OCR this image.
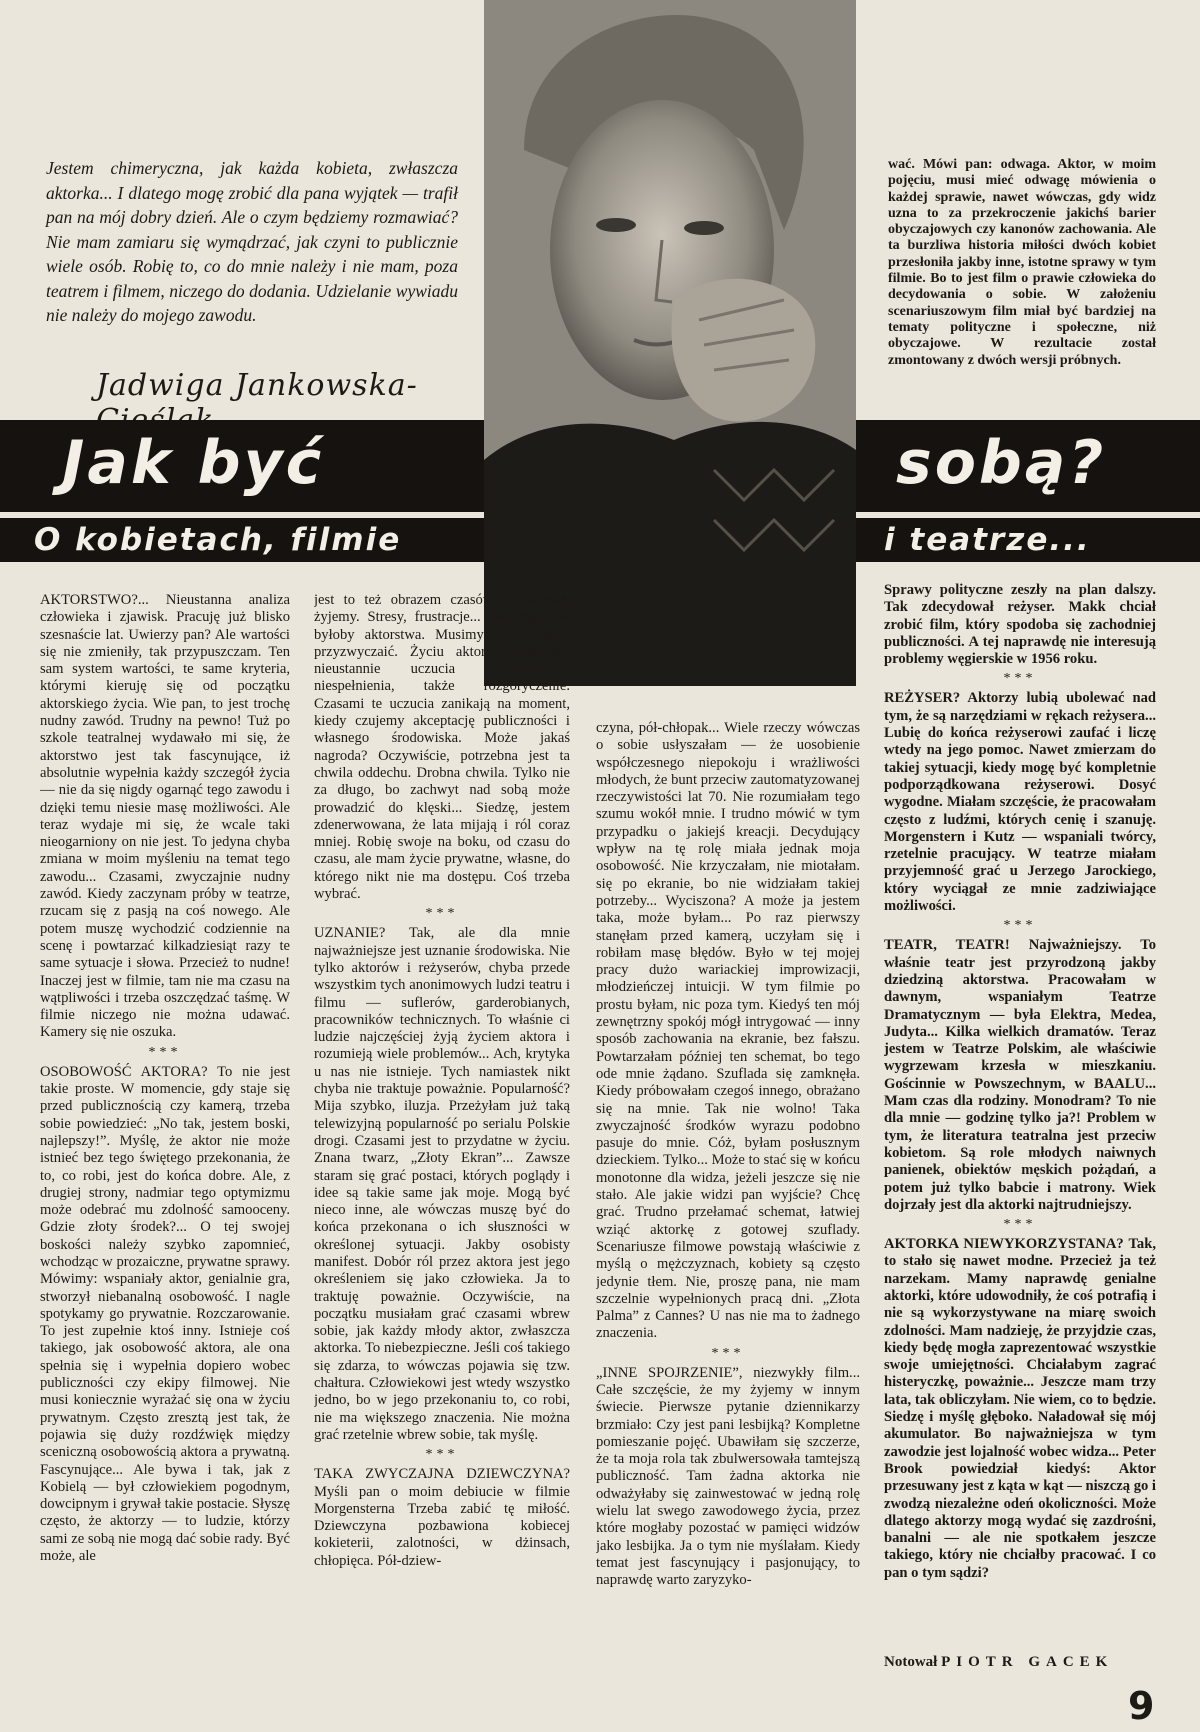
Jestem chimeryczna, jak każda kobieta, zwłaszcza aktorka... I dlatego mogę zrobić dla pana wyjątek — trafił pan na mój dobry dzień. Ale o czym będziemy rozmawiać? Nie mam zamiaru się wymądrzać, jak czyni to publicznie wiele osób. Robię to, co do mnie należy i nie mam, poza teatrem i filmem, niczego do dodania. Udzielanie wywiadu nie należy do mojego zawodu.

Jadwiga Jankowska-

wać. Mówi pan: odwaga. Aktor, w moim pojęciu, musi mieć odwagę mówienia o każdej sprawie, nawet wówczas, gdy widz uzna to za przekroczenie jakichś barier obyczajowych czy kanonów zachowania. Ale ta burzliwa historia miłości dwóch kobiet przesłoniła jakby inne, istotne sprawy w tym filmie. Bo to jest film o prawie człowieka do decydowania o sobie. W założeniu scenariuszowym film miał być bardziej na tematy polityczne i społeczne, niż obyczajowe. W rezultacie został zmontowany z dwóch wersji próbnych.

Jak być	sobą?
O kobietach, filmie	i teatrze...

AKTORSTWO?... Nieustanna analiza człowieka i zjawisk. Pracuję już blisko szesnaście lat. Uwierzy pan? Ale wartości się nie zmieniły, tak przypuszczam. Ten sam system wartości, te same kryteria, którymi kieruję się od początku aktorskiego życia. Wie pan, to jest trochę nudny zawód. Trudny na pewno! Tuż po szkole teatralnej wydawało mi się, że aktorstwo jest tak fascynujące, iż absolutnie wypełnia każdy szczegół życia — nie da się nigdy ogarnąć tego zawodu i dzięki temu niesie masę możliwości. Ale teraz wydaje mi się, że wcale taki nieogarniony on nie jest. To jedyna chyba zmiana w moim myśleniu na temat tego zawodu... Czasami, zwyczajnie nudny zawód. Kiedy zaczynam próby w teatrze, rzucam się z pasją na coś nowego. Ale potem muszę wychodzić codziennie na scenę i powtarzać kilkadziesiąt razy te same sytuacje i słowa. Przecież to nudne! Inaczej jest w filmie, tam nie ma czasu na wątpliwości i trzeba oszczędzać taśmę. W filmie niczego nie można udawać. Kamery się nie oszuka.

***

OSOBOWOŚĆ AKTORA? To nie jest takie proste. W momencie, gdy staje się przed publicznością czy kamerą, trzeba sobie powiedzieć: „No tak, jestem boski, najlepszy!”. Myślę, że aktor nie może istnieć bez tego świętego przekonania, że to, co robi, jest do końca dobre. Ale, z drugiej strony, nadmiar tego optymizmu może odebrać mu zdolność samooceny. Gdzie złoty środek?... O tej swojej boskości należy szybko zapomnieć, wchodząc w prozaiczne, prywatne sprawy. Mówimy: wspaniały aktor, genialnie gra, stworzył niebanalną osobowość. I nagle spotykamy go prywatnie. Rozczarowanie. To jest zupełnie ktoś inny. Istnieje coś takiego, jak osobowość aktora, ale ona spełnia się i wypełnia dopiero wobec publiczności czy ekipy filmowej. Nie musi koniecznie wyrażać się ona w życiu prywatnym. Często zresztą jest tak, że pojawia się duży rozdźwięk między sceniczną osobowością aktora a prywatną. Fascynujące... Ale bywa i tak, jak z Kobielą — był człowiekiem pogodnym, dowcipnym i grywał takie postacie. Słyszę często, że aktorzy — to ludzie, którzy sami ze sobą nie mogą dać sobie rady. Być może, ale

jest to też obrazem czasów, w których żyjemy. Stresy, frustracje... Bez tego nie byłoby aktorstwa. Musimy się do tego przyzwyczaić. Życiu aktora towarzyszą nieustannie uczucia niedocenienia, niespełnienia, także rozgoryczenie. Czasami te uczucia zanikają na moment, kiedy czujemy akceptację publiczności i własnego środowiska. Może jakaś nagroda? Oczywiście, potrzebna jest ta chwila oddechu. Drobna chwila. Tylko nie za długo, bo zachwyt nad sobą może prowadzić do klęski... Siedzę, jestem zdenerwowana, że lata mijają i ról coraz mniej. Robię swoje na boku, od czasu do czasu, ale mam życie prywatne, własne, do którego nikt nie ma dostępu. Coś trzeba wybrać.

***

UZNANIE? Tak, ale dla mnie najważniejsze jest uznanie środowiska. Nie tylko aktorów i reżyserów, chyba przede wszystkim tych anonimowych ludzi teatru i filmu — suflerów, garderobianych, pracowników technicznych. To właśnie ci ludzie najczęściej żyją życiem aktora i rozumieją wiele problemów... Ach, krytyka u nas nie istnieje. Tych namiastek nikt chyba nie traktuje poważnie. Popularność? Mija szybko, iluzja. Przeżyłam już taką telewizyjną popularność po serialu Polskie drogi. Czasami jest to przydatne w życiu. Znana twarz, „Złoty Ekran”... Zawsze staram się grać postaci, których poglądy i idee są takie same jak moje. Mogą być nieco inne, ale wówczas muszę być do końca przekonana o ich słuszności w określonej sytuacji. Jakby osobisty manifest. Dobór ról przez aktora jest jego określeniem się jako człowieka. Ja to traktuję poważnie. Oczywiście, na początku musiałam grać czasami wbrew sobie, jak każdy młody aktor, zwłaszcza aktorka. To niebezpieczne. Jeśli coś takiego się zdarza, to wówczas pojawia się tzw. chałtura. Człowiekowi jest wtedy wszystko jedno, bo w jego przekonaniu to, co robi, nie ma większego znaczenia. Nie można grać rzetelnie wbrew sobie, tak myślę.

***

TAKA ZWYCZAJNA DZIEWCZYNA? Myśli pan o moim debiucie w filmie Morgensterna Trzeba zabić tę miłość. Dziewczyna pozbawiona kobiecej kokieterii, zalotności, w dżinsach, chłopięca. Pół-dziew-

czyna, pół-chłopak... Wiele rzeczy wówczas o sobie usłyszałam — że uosobienie współczesnego niepokoju i wrażliwości młodych, że bunt przeciw zautomatyzowanej rzeczywistości lat 70. Nie rozumiałam tego szumu wokół mnie. I trudno mówić w tym przypadku o jakiejś kreacji. Decydujący wpływ na tę rolę miała jednak moja osobowość. Nie krzyczałam, nie miotałam. się po ekranie, bo nie widziałam takiej potrzeby... Wyciszona? A może ja jestem taka, może byłam... Po raz pierwszy stanęłam przed kamerą, uczyłam się i robiłam masę błędów. Było w tej mojej pracy dużo wariackiej improwizacji, młodzieńczej intuicji. W tym filmie po prostu byłam, nic poza tym. Kiedyś ten mój zewnętrzny spokój mógł intrygować — inny sposób zachowania na ekranie, bez fałszu. Powtarzałam później ten schemat, bo tego ode mnie żądano. Szuflada się zamknęła. Kiedy próbowałam czegoś innego, obrażano się na mnie. Tak nie wolno! Taka zwyczajność środków wyrazu podobno pasuje do mnie. Cóż, byłam posłusznym dzieckiem. Tylko... Może to stać się w końcu monotonne dla widza, jeżeli jeszcze się nie stało. Ale jakie widzi pan wyjście? Chcę grać. Trudno przełamać schemat, łatwiej wziąć aktorkę z gotowej szuflady. Scenariusze filmowe powstają właściwie z myślą o mężczyznach, kobiety są często jedynie tłem. Nie, proszę pana, nie mam szczelnie wypełnionych pracą dni. „Złota Palma” z Cannes? U nas nie ma to żadnego znaczenia.

***

„INNE SPOJRZENIE”, niezwykły film... Całe szczęście, że my żyjemy w innym świecie. Pierwsze pytanie dziennikarzy brzmiało: Czy jest pani lesbijką? Kompletne pomieszanie pojęć. Ubawiłam się szczerze, że ta moja rola tak zbulwersowała tamtejszą publiczność. Tam żadna aktorka nie odważyłaby się zainwestować w jedną rolę wielu lat swego zawodowego życia, przez które mogłaby pozostać w pamięci widzów jako lesbijka. Ja o tym nie myślałam. Kiedy temat jest fascynujący i pasjonujący, to naprawdę warto zaryzyko-

Sprawy polityczne zeszły na plan dalszy. Tak zdecydował reżyser. Makk chciał zrobić film, który spodoba się zachodniej publiczności. A tej naprawdę nie interesują problemy węgierskie w 1956 roku.

***

REŻYSER? Aktorzy lubią ubolewać nad tym, że są narzędziami w rękach reżysera... Lubię do końca reżyserowi zaufać i liczę wtedy na jego pomoc. Nawet zmierzam do takiej sytuacji, kiedy mogę być kompletnie podporządkowana reżyserowi. Dosyć wygodne. Miałam szczęście, że pracowałam często z ludźmi, których cenię i szanuję. Morgenstern i Kutz — wspaniali twórcy, rzetelnie pracujący. W teatrze miałam przyjemność grać u Jerzego Jarockiego, który wyciągał ze mnie zadziwiające możliwości.

***

TEATR, TEATR! Najważniejszy. To właśnie teatr jest przyrodzoną jakby dziedziną aktorstwa. Pracowałam w dawnym, wspaniałym Teatrze Dramatycznym — była Elektra, Medea, Judyta... Kilka wielkich dramatów. Teraz jestem w Teatrze Polskim, ale właściwie wygrzewam krzesła w mieszkaniu. Gościnnie w Powszechnym, w BAALU... Mam czas dla rodziny. Monodram? To nie dla mnie — godzinę tylko ja?! Problem w tym, że literatura teatralna jest przeciw kobietom. Są role młodych naiwnych panienek, obiektów męskich pożądań, a potem już tylko babcie i matrony. Wiek dojrzały jest dla aktorki najtrudniejszy.

***

AKTORKA NIEWYKORZYSTANA? Tak, to stało się nawet modne. Przecież ja też narzekam. Mamy naprawdę genialne aktorki, które udowodniły, że coś potrafią i nie są wykorzystywane na miarę swoich zdolności. Mam nadzieję, że przyjdzie czas, kiedy będę mogła zaprezentować wszystkie swoje umiejętności. Chciałabym zagrać histeryczkę, poważnie... Jeszcze mam trzy lata, tak obliczyłam. Nie wiem, co to będzie. Siedzę i myślę głęboko. Naładował się mój akumulator. Bo najważniejsza w tym zawodzie jest lojalność wobec widza... Peter Brook powiedział kiedyś: Aktor przesuwany jest z kąta w kąt — niszczą go i zwodzą niezależne odeń okoliczności. Może dlatego aktorzy mogą wydać się zazdrośni, banalni — ale nie spotkałem jeszcze takiego, który nie chciałby pracować. I co pan o tym sądzi?

Notował PIOTR GACEK
9
